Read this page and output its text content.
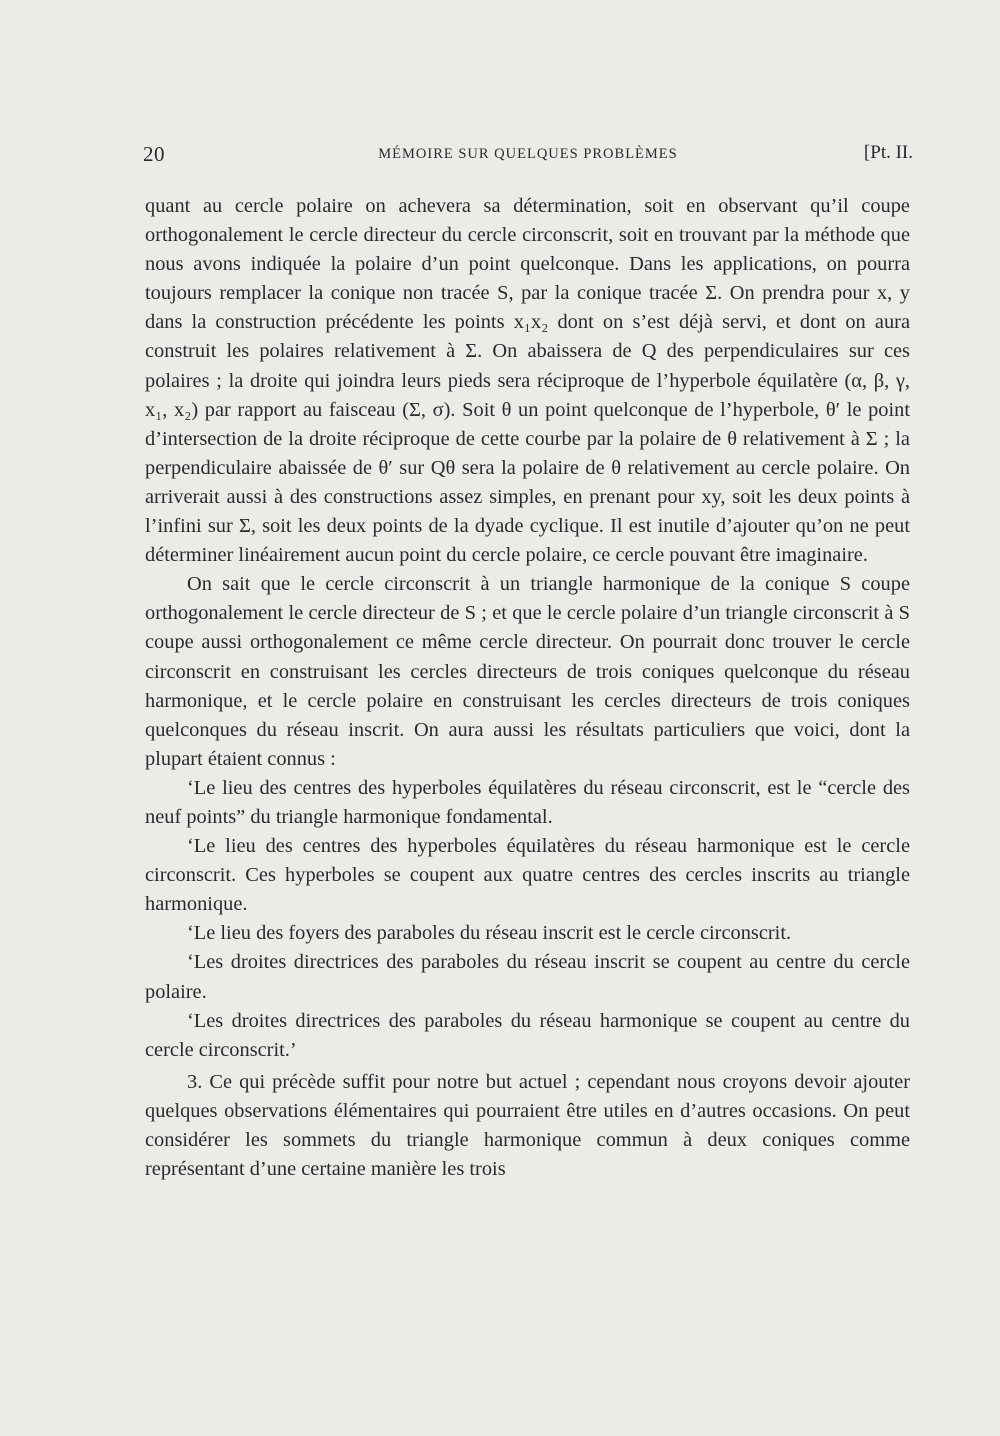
20	MÉMOIRE SUR QUELQUES PROBLÈMES	[Pt. II.

quant au cercle polaire on achevera sa détermination, soit en observant qu’il coupe orthogonalement le cercle directeur du cercle circonscrit, soit en trouvant par la méthode que nous avons indiquée la polaire d’un point quelconque. Dans les applications, on pourra toujours remplacer la conique non tracée S, par la conique tracée Σ. On prendra pour x, y dans la construction précédente les points x₁x₂ dont on s’est déjà servi, et dont on aura construit les polaires relativement à Σ. On abaissera de Q des perpendiculaires sur ces polaires ; la droite qui joindra leurs pieds sera réciproque de l’hyperbole équilatère (α, β, γ, x₁, x₂) par rapport au faisceau (Σ, σ). Soit θ un point quelconque de l’hyperbole, θ′ le point d’intersection de la droite réciproque de cette courbe par la polaire de θ relativement à Σ ; la perpendiculaire abaissée de θ′ sur Qθ sera la polaire de θ relativement au cercle polaire. On arriverait aussi à des constructions assez simples, en prenant pour xy, soit les deux points à l’infini sur Σ, soit les deux points de la dyade cyclique. Il est inutile d’ajouter qu’on ne peut déterminer linéairement aucun point du cercle polaire, ce cercle pouvant être imaginaire.

On sait que le cercle circonscrit à un triangle harmonique de la conique S coupe orthogonalement le cercle directeur de S ; et que le cercle polaire d’un triangle circonscrit à S coupe aussi orthogonalement ce même cercle directeur. On pourrait donc trouver le cercle circonscrit en construisant les cercles directeurs de trois coniques quelconque du réseau harmonique, et le cercle polaire en construisant les cercles directeurs de trois coniques quelconques du réseau inscrit. On aura aussi les résultats particuliers que voici, dont la plupart étaient connus :

‘Le lieu des centres des hyperboles équilatères du réseau circonscrit, est le “cercle des neuf points” du triangle harmonique fondamental.

‘Le lieu des centres des hyperboles équilatères du réseau harmonique est le cercle circonscrit. Ces hyperboles se coupent aux quatre centres des cercles inscrits au triangle harmonique.

‘Le lieu des foyers des paraboles du réseau inscrit est le cercle circonscrit.

‘Les droites directrices des paraboles du réseau inscrit se coupent au centre du cercle polaire.

‘Les droites directrices des paraboles du réseau harmonique se coupent au centre du cercle circonscrit.’

3. Ce qui précède suffit pour notre but actuel ; cependant nous croyons devoir ajouter quelques observations élémentaires qui pourraient être utiles en d’autres occasions. On peut considérer les sommets du triangle harmonique commun à deux coniques comme représentant d’une certaine manière les trois
